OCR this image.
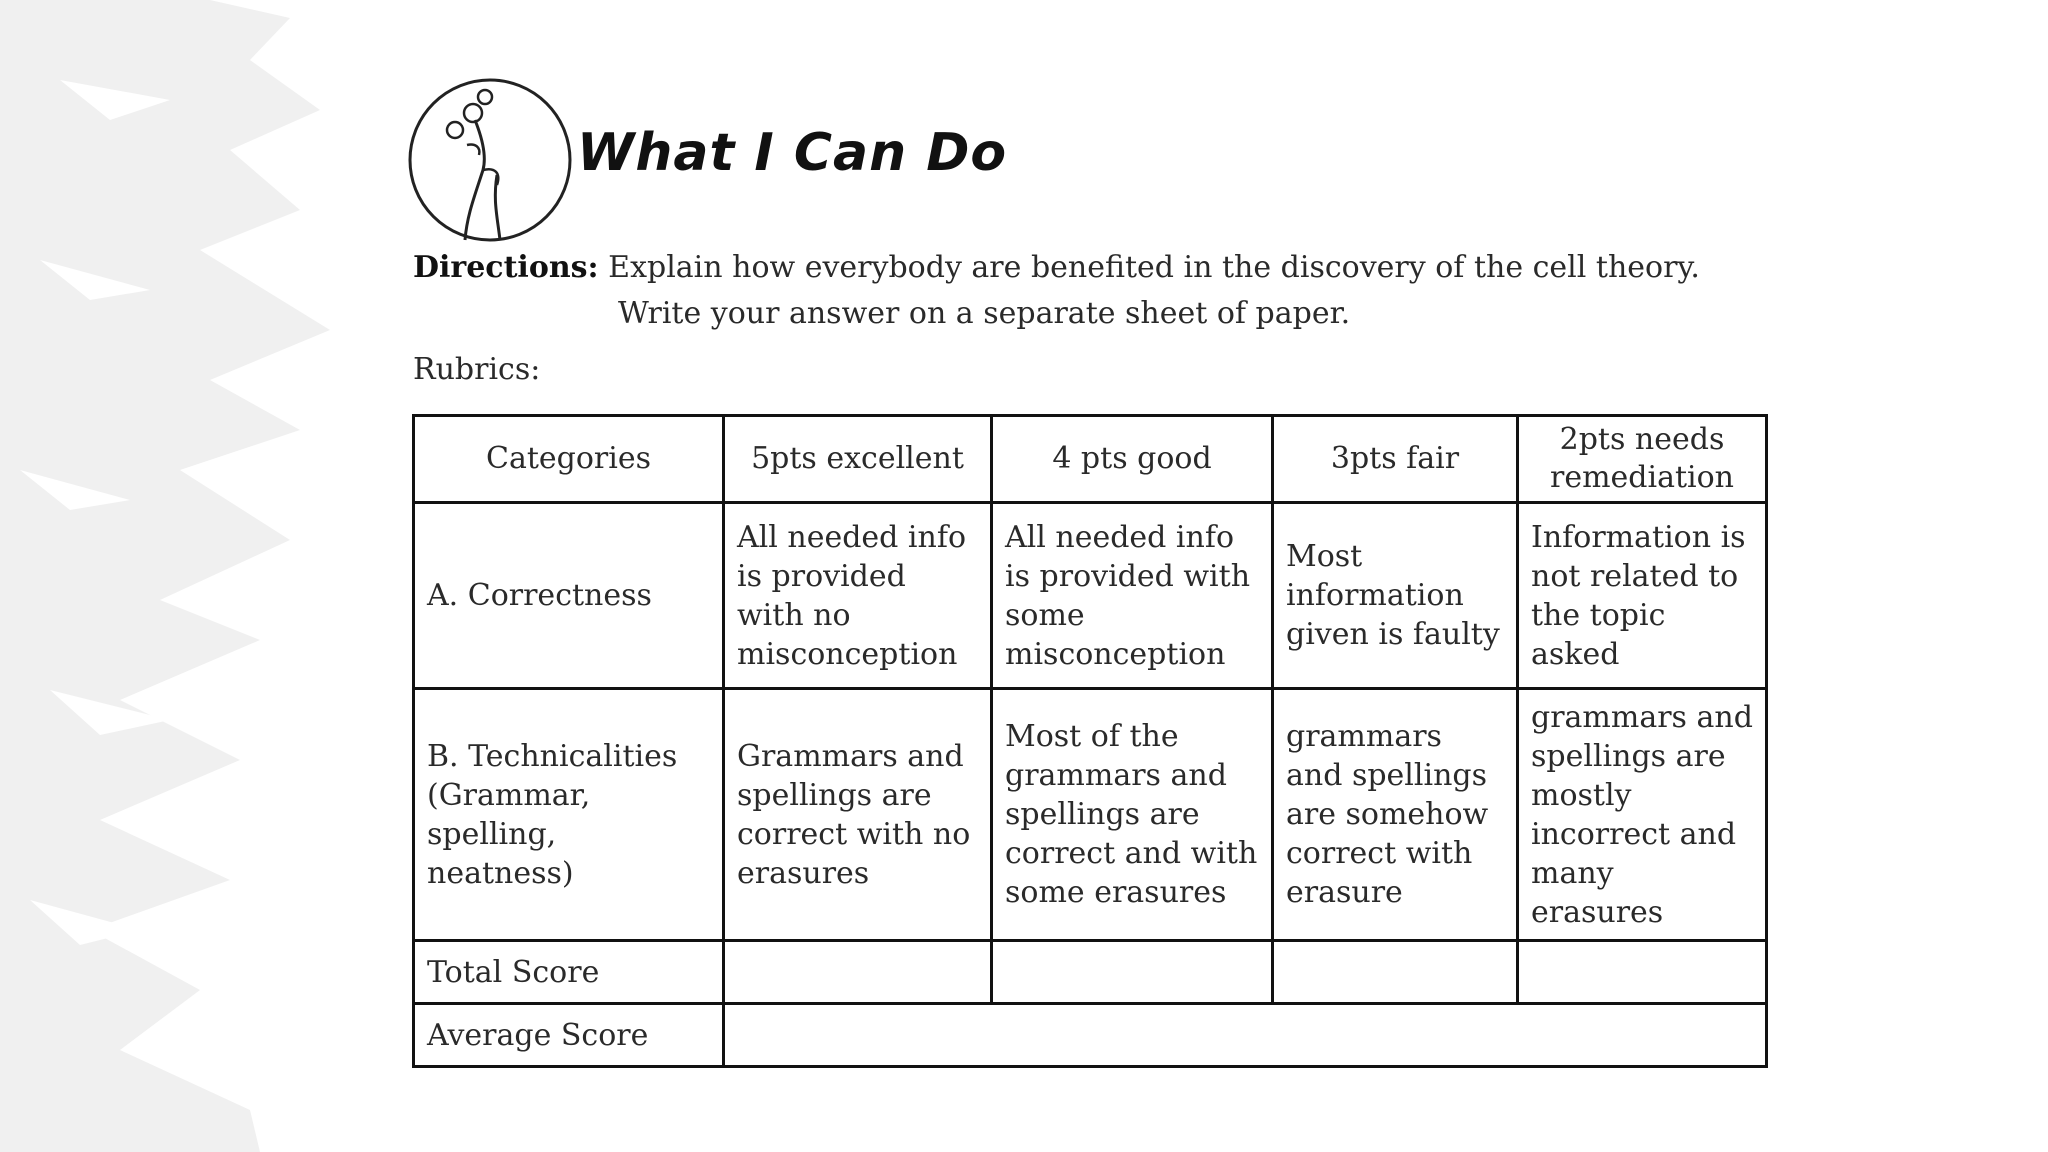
What I Can Do
Directions: Explain how everybody are benefited in the discovery of the cell theory.
Write your answer on a separate sheet of paper.
Rubrics:
Categories	5pts excellent	4 pts good	3pts fair	2pts needs remediation
A. Correctness	All needed info is provided with no misconception	All needed info is provided with some misconception	Most information given is faulty	Information is not related to the topic asked
B. Technicalities (Grammar, spelling, neatness)	Grammars and spellings are correct with no erasures	Most of the grammars and spellings are correct and with some erasures	grammars and spellings are somehow correct with erasure	grammars and spellings are mostly incorrect and many erasures
Total Score				
Average Score				
